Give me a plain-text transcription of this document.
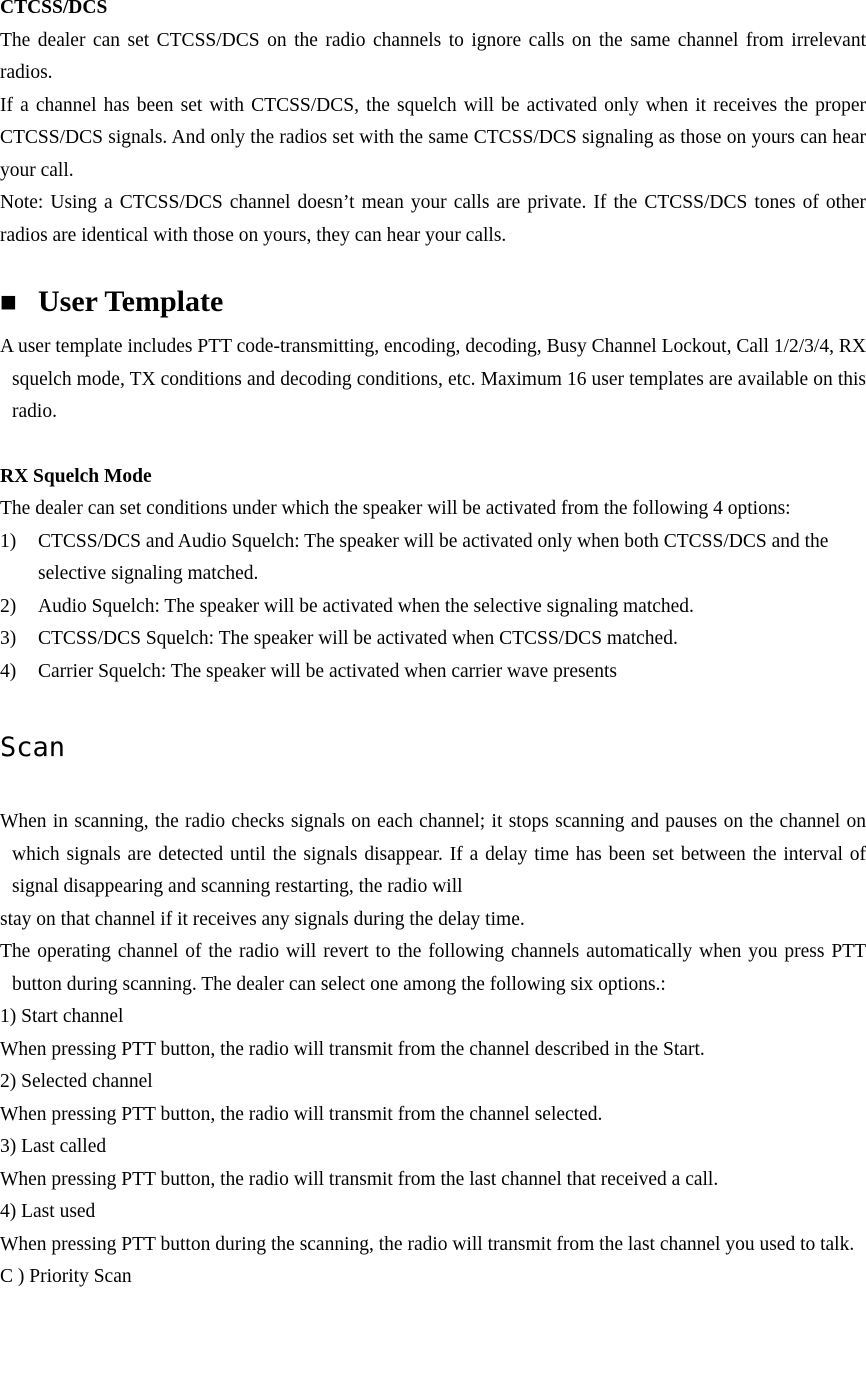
CTCSS/DCS

The dealer can set CTCSS/DCS on the radio channels to ignore calls on the same channel from irrelevant radios.

If a channel has been set with CTCSS/DCS, the squelch will be activated only when it receives the proper CTCSS/DCS signals. And only the radios set with the same CTCSS/DCS signaling as those on yours can hear your call.

Note: Using a CTCSS/DCS channel doesn’t mean your calls are private. If the CTCSS/DCS tones of other radios are identical with those on yours, they can hear your calls.

■ User Template

A user template includes PTT code-transmitting, encoding, decoding, Busy Channel Lockout, Call 1/2/3/4, RX squelch mode, TX conditions and decoding conditions, etc. Maximum 16 user templates are available on this radio.

RX Squelch Mode

The dealer can set conditions under which the speaker will be activated from the following 4 options:

1) CTCSS/DCS and Audio Squelch: The speaker will be activated only when both CTCSS/DCS and the selective signaling matched.
2) Audio Squelch: The speaker will be activated when the selective signaling matched.
3) CTCSS/DCS Squelch: The speaker will be activated when CTCSS/DCS matched.
4) Carrier Squelch: The speaker will be activated when carrier wave presents

Scan

When in scanning, the radio checks signals on each channel; it stops scanning and pauses on the channel on which signals are detected until the signals disappear. If a delay time has been set between the interval of signal disappearing and scanning restarting, the radio will

stay on that channel if it receives any signals during the delay time.

The operating channel of the radio will revert to the following channels automatically when you press PTT button during scanning. The dealer can select one among the following six options.:

1) Start channel

When pressing PTT button, the radio will transmit from the channel described in the Start.

2) Selected channel

When pressing PTT button, the radio will transmit from the channel selected.

3) Last called

When pressing PTT button, the radio will transmit from the last channel that received a call.

4) Last used

When pressing PTT button during the scanning, the radio will transmit from the last channel you used to talk.

C ) Priority Scan
